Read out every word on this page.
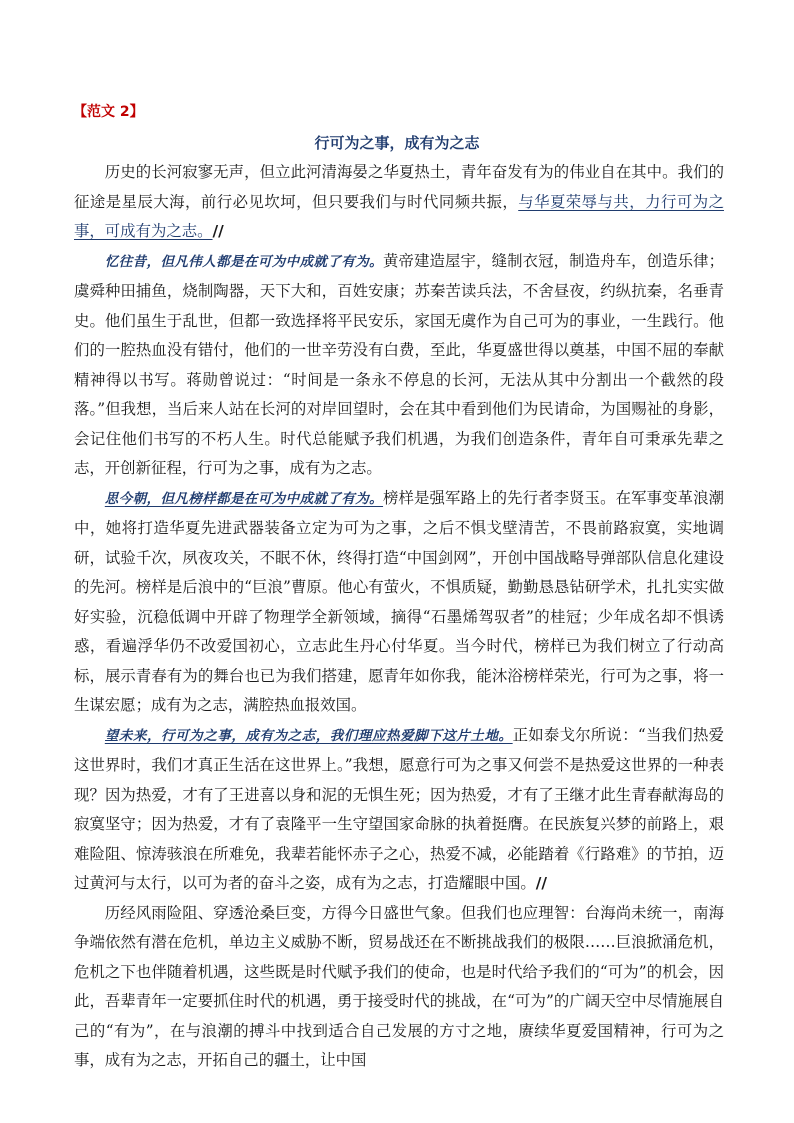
【范文 2】
行可为之事，成有为之志

历史的长河寂寥无声，但立此河清海晏之华夏热土，青年奋发有为的伟业自在其中。我们的征途是星辰大海，前行必见坎坷，但只要我们与时代同频共振，与华夏荣辱与共，力行可为之事，可成有为之志。//

忆往昔，但凡伟人都是在可为中成就了有为。黄帝建造屋宇，缝制衣冠，制造舟车，创造乐律；虞舜种田捕鱼，烧制陶器，天下大和，百姓安康；苏秦苦读兵法，不舍昼夜，约纵抗秦，名垂青史。他们虽生于乱世，但都一致选择将平民安乐，家国无虞作为自己可为的事业，一生践行。他们的一腔热血没有错付，他们的一世辛劳没有白费，至此，华夏盛世得以奠基，中国不屈的奉献精神得以书写。蒋勋曾说过：“时间是一条永不停息的长河，无法从其中分割出一个截然的段落。”但我想，当后来人站在长河的对岸回望时，会在其中看到他们为民请命，为国赐祉的身影，会记住他们书写的不朽人生。时代总能赋予我们机遇，为我们创造条件，青年自可秉承先辈之志，开创新征程，行可为之事，成有为之志。

思今朝，但凡榜样都是在可为中成就了有为。榜样是强军路上的先行者李贤玉。在军事变革浪潮中，她将打造华夏先进武器装备立定为可为之事，之后不惧戈壁清苦，不畏前路寂寞，实地调研，试验千次，夙夜攻关，不眠不休，终得打造“中国剑网”，开创中国战略导弹部队信息化建设的先河。榜样是后浪中的“巨浪”曹原。他心有萤火，不惧质疑，勤勤恳恳钻研学术，扎扎实实做好实验，沉稳低调中开辟了物理学全新领域，摘得“石墨烯驾驭者”的桂冠；少年成名却不惧诱惑，看遍浮华仍不改爱国初心，立志此生丹心付华夏。当今时代，榜样已为我们树立了行动高标，展示青春有为的舞台也已为我们搭建，愿青年如你我，能沐浴榜样荣光，行可为之事，将一生谋宏愿；成有为之志，满腔热血报效国。

望未来，行可为之事，成有为之志，我们理应热爱脚下这片土地。正如泰戈尔所说：“当我们热爱这世界时，我们才真正生活在这世界上。”我想，愿意行可为之事又何尝不是热爱这世界的一种表现？因为热爱，才有了王进喜以身和泥的无惧生死；因为热爱，才有了王继才此生青春献海岛的寂寞坚守；因为热爱，才有了袁隆平一生守望国家命脉的执着挺膺。在民族复兴梦的前路上，艰难险阻、惊涛骇浪在所难免，我辈若能怀赤子之心，热爱不减，必能踏着《行路难》的节拍，迈过黄河与太行，以可为者的奋斗之姿，成有为之志，打造耀眼中国。//

历经风雨险阻、穿透沧桑巨变，方得今日盛世气象。但我们也应理智：台海尚未统一，南海争端依然有潜在危机，单边主义威胁不断，贸易战还在不断挑战我们的极限……巨浪掀涌危机，危机之下也伴随着机遇，这些既是时代赋予我们的使命，也是时代给予我们的“可为”的机会，因此，吾辈青年一定要抓住时代的机遇，勇于接受时代的挑战，在“可为”的广阔天空中尽情施展自己的“有为”，在与浪潮的搏斗中找到适合自己发展的方寸之地，赓续华夏爱国精神，行可为之事，成有为之志，开拓自己的疆土，让中国
